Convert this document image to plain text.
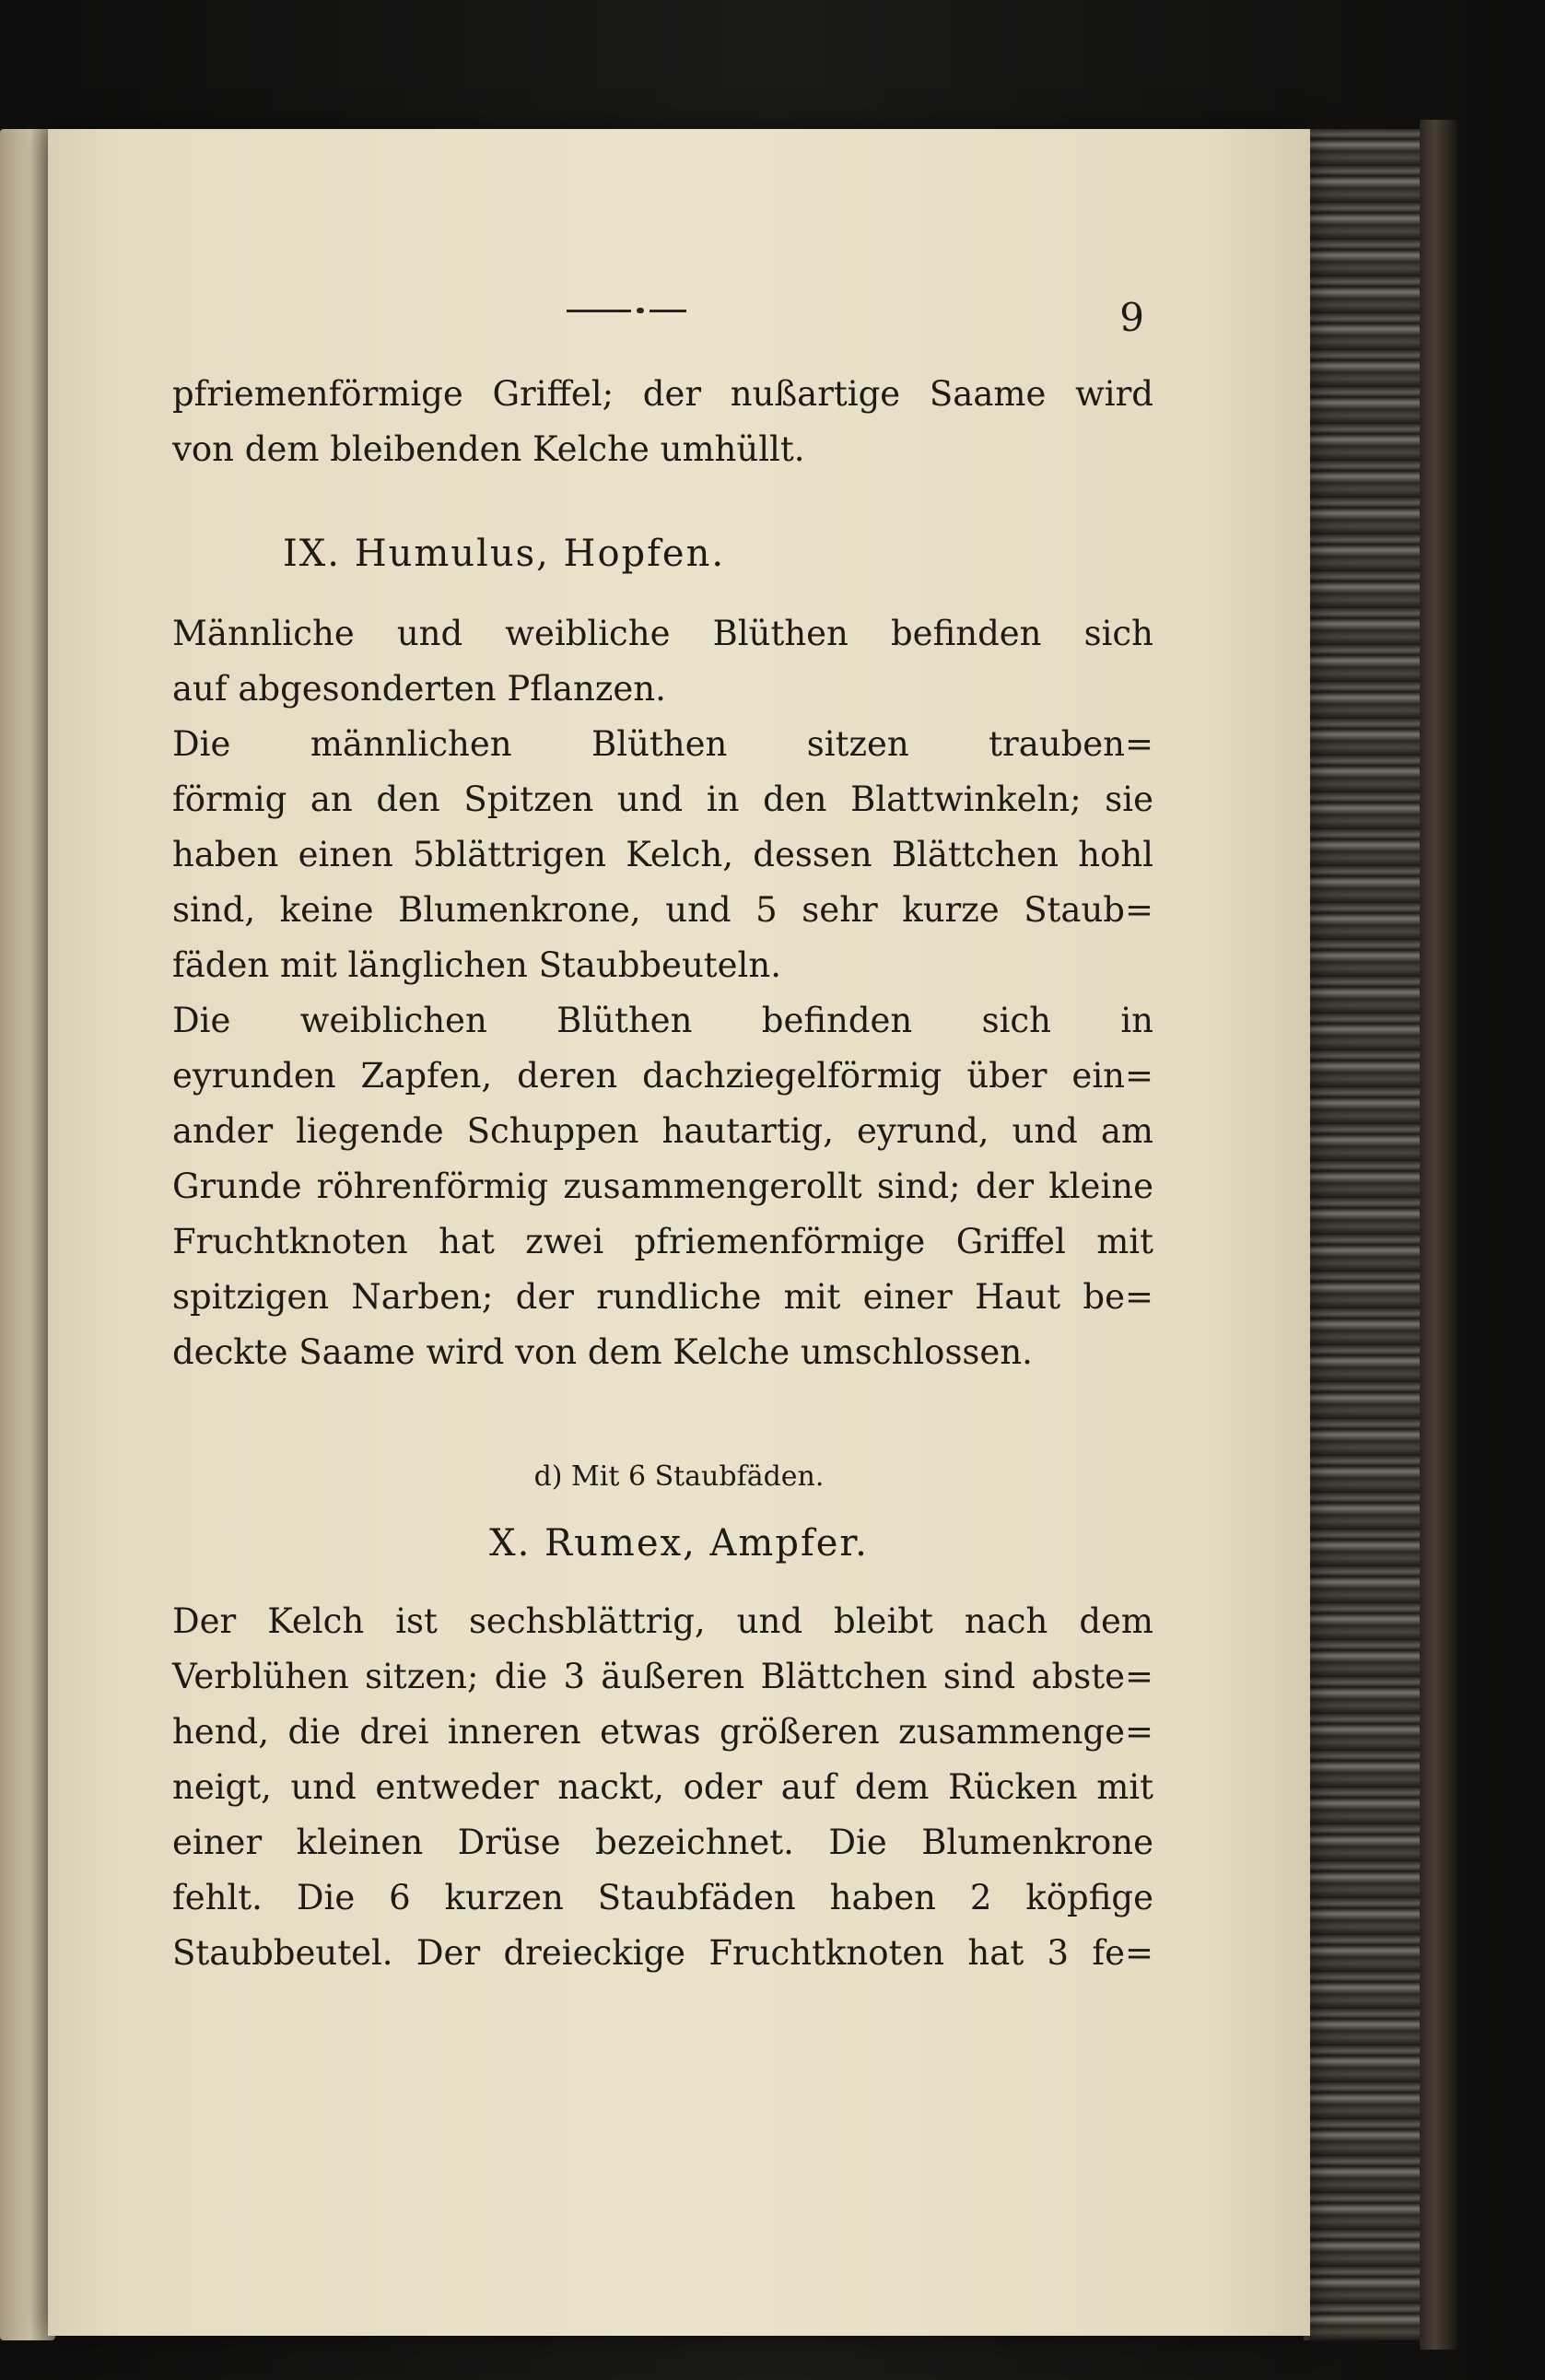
9
pfriemenförmige Griffel; der nußartige Saame wird
von dem bleibenden Kelche umhüllt.
IX. Humulus, Hopfen.
Männliche und weibliche Blüthen befinden sich
auf abgesonderten Pflanzen.
Die männlichen Blüthen sitzen trauben=
förmig an den Spitzen und in den Blattwinkeln; sie
haben einen 5blättrigen Kelch, dessen Blättchen hohl
sind, keine Blumenkrone, und 5 sehr kurze Staub=
fäden mit länglichen Staubbeuteln.
Die weiblichen Blüthen befinden sich in
eyrunden Zapfen, deren dachziegelförmig über ein=
ander liegende Schuppen hautartig, eyrund, und am
Grunde röhrenförmig zusammengerollt sind; der kleine
Fruchtknoten hat zwei pfriemenförmige Griffel mit
spitzigen Narben; der rundliche mit einer Haut be=
deckte Saame wird von dem Kelche umschlossen.
d) Mit 6 Staubfäden.
X. Rumex, Ampfer.
Der Kelch ist sechsblättrig, und bleibt nach dem
Verblühen sitzen; die 3 äußeren Blättchen sind abste=
hend, die drei inneren etwas größeren zusammenge=
neigt, und entweder nackt, oder auf dem Rücken mit
einer kleinen Drüse bezeichnet. Die Blumenkrone
fehlt. Die 6 kurzen Staubfäden haben 2 köpfige
Staubbeutel. Der dreieckige Fruchtknoten hat 3 fe=
